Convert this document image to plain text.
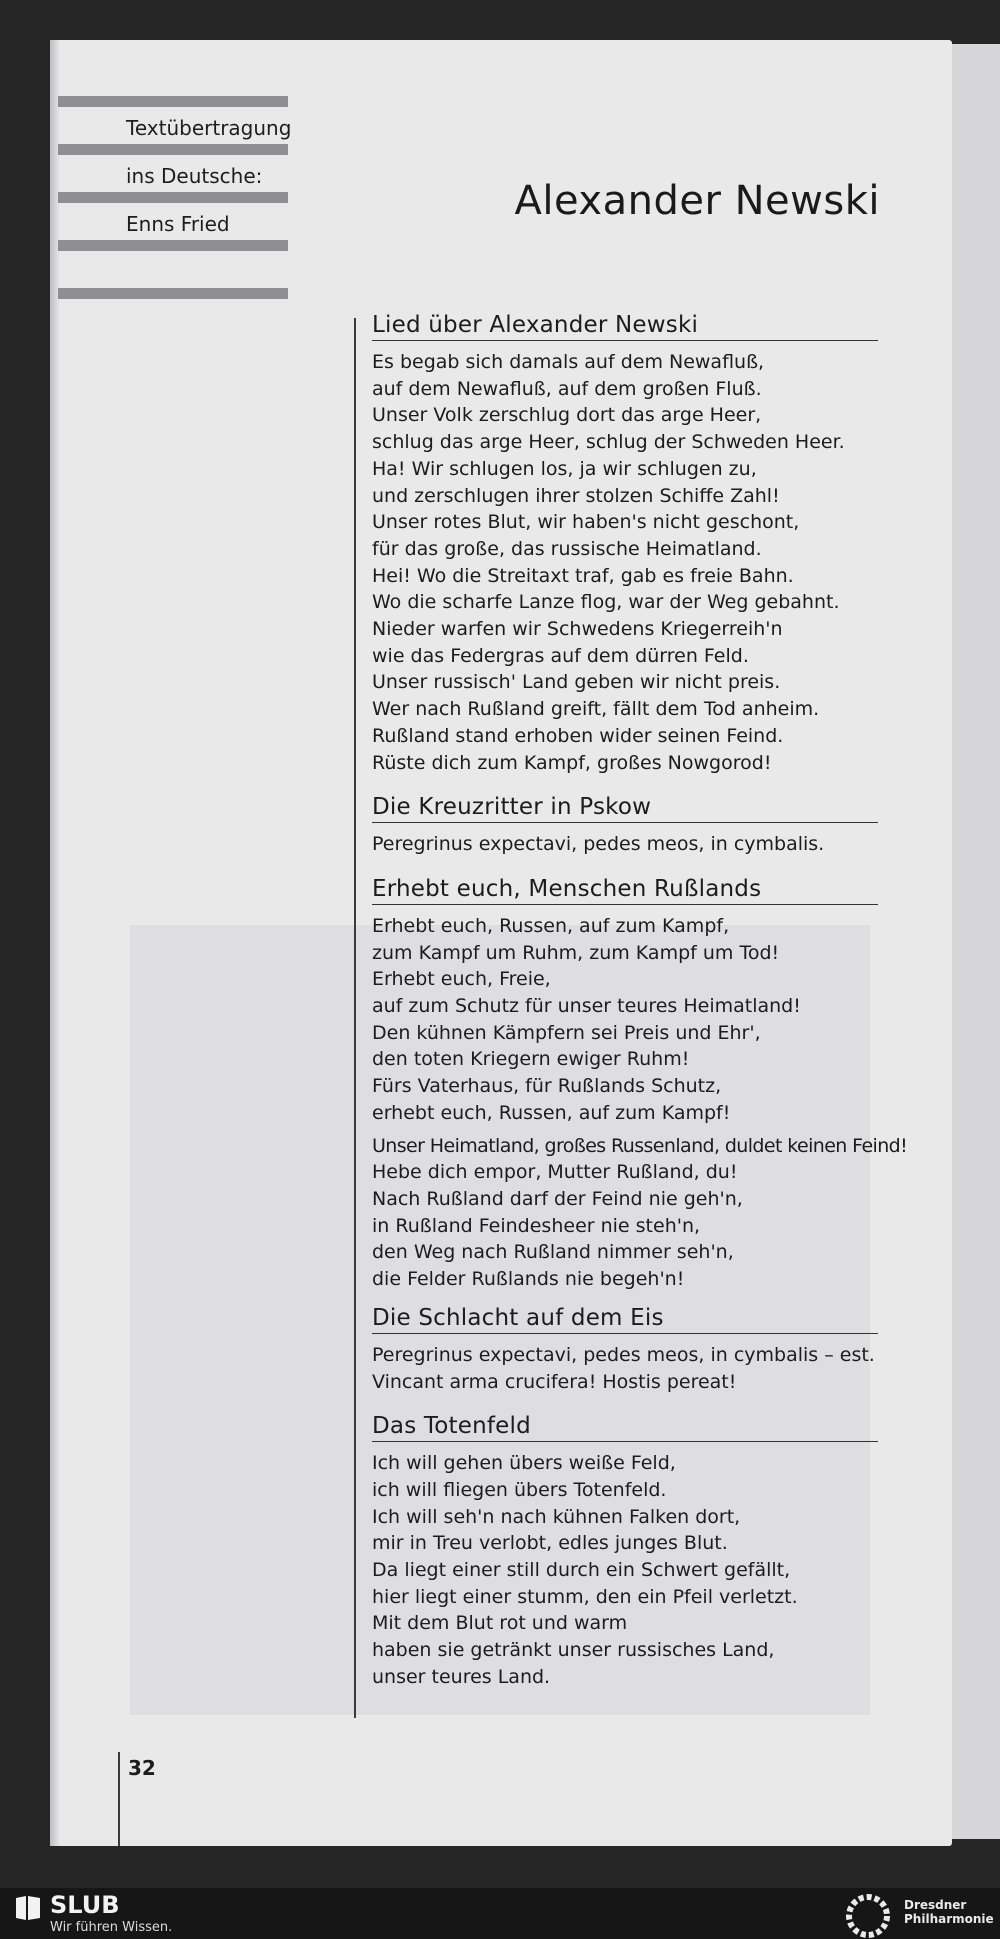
Textübertragung
ins Deutsche:
Enns Fried	Alexander Newski
Lied über Alexander Newski
Es begab sich damals auf dem Newafluß,
auf dem Newafluß, auf dem großen Fluß.
Unser Volk zerschlug dort das arge Heer,
schlug das arge Heer, schlug der Schweden Heer.
Ha! Wir schlugen los, ja wir schlugen zu,
und zerschlugen ihrer stolzen Schiffe Zahl!
Unser rotes Blut, wir haben's nicht geschont,
für das große, das russische Heimatland.
Hei! Wo die Streitaxt traf, gab es freie Bahn.
Wo die scharfe Lanze flog, war der Weg gebahnt.
Nieder warfen wir Schwedens Kriegerreih'n
wie das Federgras auf dem dürren Feld.
Unser russisch' Land geben wir nicht preis.
Wer nach Rußland greift, fällt dem Tod anheim.
Rußland stand erhoben wider seinen Feind.
Rüste dich zum Kampf, großes Nowgorod!
Die Kreuzritter in Pskow
Peregrinus expectavi, pedes meos, in cymbalis.
Erhebt euch, Menschen Rußlands
Erhebt euch, Russen, auf zum Kampf,
zum Kampf um Ruhm, zum Kampf um Tod!
Erhebt euch, Freie,
auf zum Schutz für unser teures Heimatland!
Den kühnen Kämpfern sei Preis und Ehr',
den toten Kriegern ewiger Ruhm!
Fürs Vaterhaus, für Rußlands Schutz,
erhebt euch, Russen, auf zum Kampf!
Unser Heimatland, großes Russenland, duldet keinen Feind!
Hebe dich empor, Mutter Rußland, du!
Nach Rußland darf der Feind nie geh'n,
in Rußland Feindesheer nie steh'n,
den Weg nach Rußland nimmer seh'n,
die Felder Rußlands nie begeh'n!
Die Schlacht auf dem Eis
Peregrinus expectavi, pedes meos, in cymbalis – est.
Vincant arma crucifera! Hostis pereat!
Das Totenfeld
Ich will gehen übers weiße Feld,
ich will fliegen übers Totenfeld.
Ich will seh'n nach kühnen Falken dort,
mir in Treu verlobt, edles junges Blut.
Da liegt einer still durch ein Schwert gefällt,
hier liegt einer stumm, den ein Pfeil verletzt.
Mit dem Blut rot und warm
haben sie getränkt unser russisches Land,
unser teures Land.
32
SLUB
Wir führen Wissen.
Dresdner
Philharmonie
